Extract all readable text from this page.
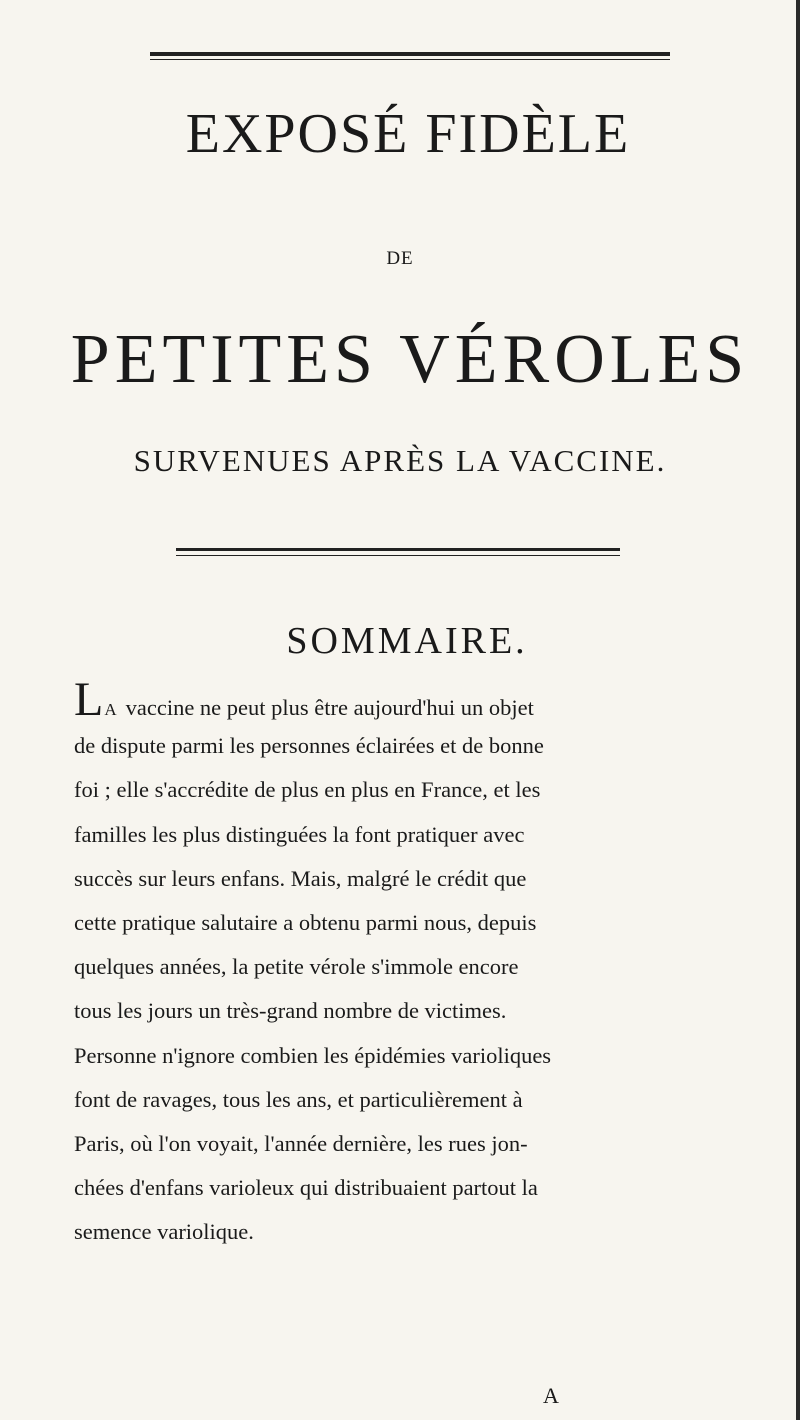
EXPOSÉ FIDÈLE
DE
PETITES VÉROLES
SURVENUES APRÈS LA VACCINE.
SOMMAIRE.
LA vaccine ne peut plus être aujourd'hui un objet
de dispute parmi les personnes éclairées et de bonne
foi ; elle s'accrédite de plus en plus en France, et les
familles les plus distinguées la font pratiquer avec
succès sur leurs enfans. Mais, malgré le crédit que
cette pratique salutaire a obtenu parmi nous, depuis
quelques années, la petite vérole s'immole encore
tous les jours un très-grand nombre de victimes.
Personne n'ignore combien les épidémies varioliques
font de ravages, tous les ans, et particulièrement à
Paris, où l'on voyait, l'année dernière, les rues jon-
chées d'enfans varioleux qui distribuaient partout la
semence variolique.
A
